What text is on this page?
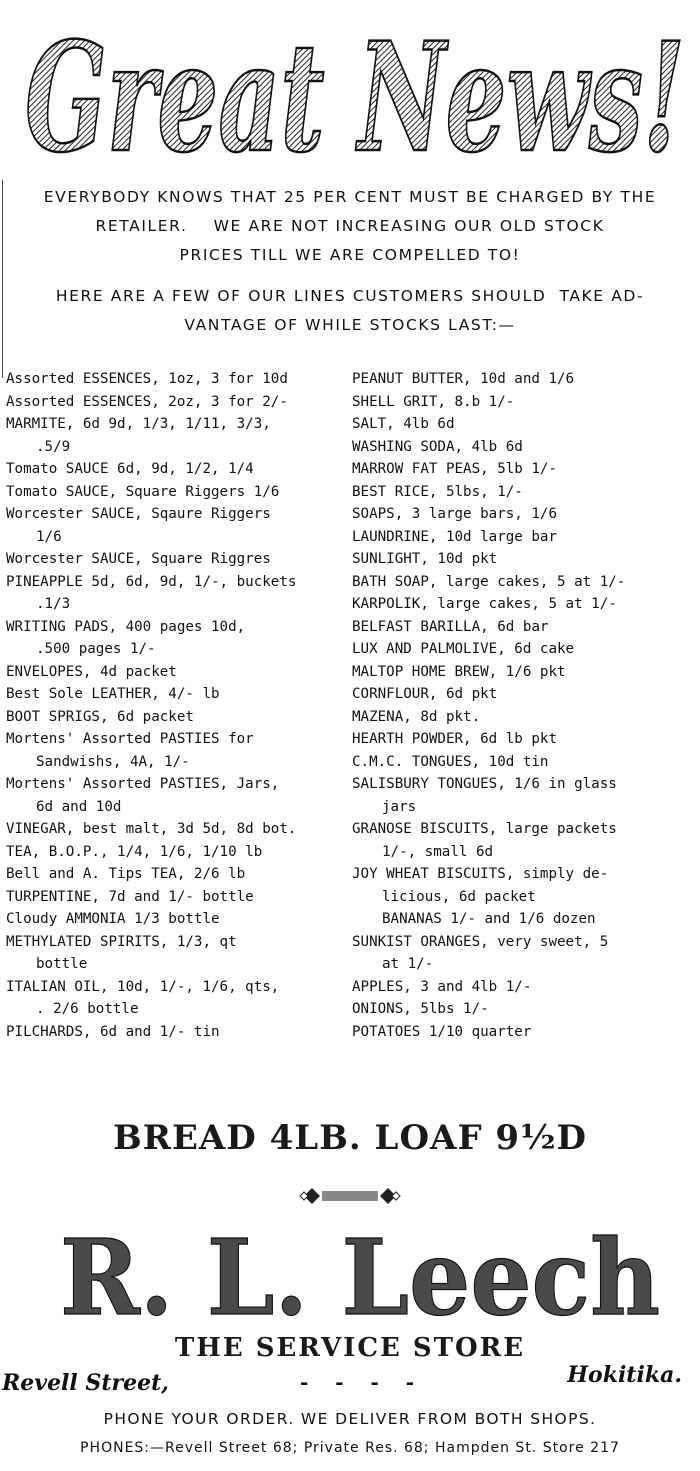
Great News!

EVERYBODY KNOWS THAT 25 PER CENT MUST BE CHARGED BY THE

RETAILER.    WE ARE NOT INCREASING OUR OLD STOCK

PRICES TILL WE ARE COMPELLED TO!

HERE ARE A FEW OF OUR LINES CUSTOMERS SHOULD  TAKE AD-

VANTAGE OF WHILE STOCKS LAST:—

Assorted ESSENCES, 1oz, 3 for 10d
Assorted ESSENCES, 2oz, 3 for 2/-
MARMITE, 6d 9d, 1/3, 1/11, 3/3,
.5/9
Tomato SAUCE 6d, 9d, 1/2, 1/4
Tomato SAUCE, Square Riggers 1/6
Worcester SAUCE, Sqaure Riggers
1/6
Worcester SAUCE, Square Riggres
PINEAPPLE 5d, 6d, 9d, 1/-, buckets
.1/3
WRITING PADS, 400 pages 10d,
.500 pages 1/-
ENVELOPES, 4d packet
Best Sole LEATHER, 4/- lb
BOOT SPRIGS, 6d packet
Mortens' Assorted PASTIES for
Sandwishs, 4A, 1/-
Mortens' Assorted PASTIES, Jars,
6d and 10d
VINEGAR, best malt, 3d 5d, 8d bot.
TEA, B.O.P., 1/4, 1/6, 1/10 lb
Bell and A. Tips TEA, 2/6 lb
TURPENTINE, 7d and 1/- bottle
Cloudy AMMONIA 1/3 bottle
METHYLATED SPIRITS, 1/3, qt
bottle
ITALIAN OIL, 10d, 1/-, 1/6, qts,
. 2/6 bottle
PILCHARDS, 6d and 1/- tin
PEANUT BUTTER, 10d and 1/6
SHELL GRIT, 8.b 1/-
SALT, 4lb 6d
WASHING SODA, 4lb 6d
MARROW FAT PEAS, 5lb 1/-
BEST RICE, 5lbs, 1/-
SOAPS, 3 large bars, 1/6
LAUNDRINE, 10d large bar
SUNLIGHT, 10d pkt
BATH SOAP, large cakes, 5 at 1/-
KARPOLIK, large cakes, 5 at 1/-
BELFAST BARILLA, 6d bar
LUX AND PALMOLIVE, 6d cake
MALTOP HOME BREW, 1/6 pkt
CORNFLOUR, 6d pkt
MAZENA, 8d pkt.
HEARTH POWDER, 6d lb pkt
C.M.C. TONGUES, 10d tin
SALISBURY TONGUES, 1/6 in glass
jars
GRANOSE BISCUITS, large packets
1/-, small 6d
JOY WHEAT BISCUITS, simply de-
licious, 6d packet
BANANAS 1/- and 1/6 dozen
SUNKIST ORANGES, very sweet, 5
at 1/-
APPLES, 3 and 4lb 1/-
ONIONS, 5lbs 1/-
POTATOES 1/10 quarter
BREAD 4LB. LOAF 9½D
R. L. Leech
THE SERVICE STORE
Revell Street,	- - - -	Hokitika.
PHONE YOUR ORDER. WE DELIVER FROM BOTH SHOPS.
PHONES:—Revell Street 68; Private Res. 68; Hampden St. Store 217
